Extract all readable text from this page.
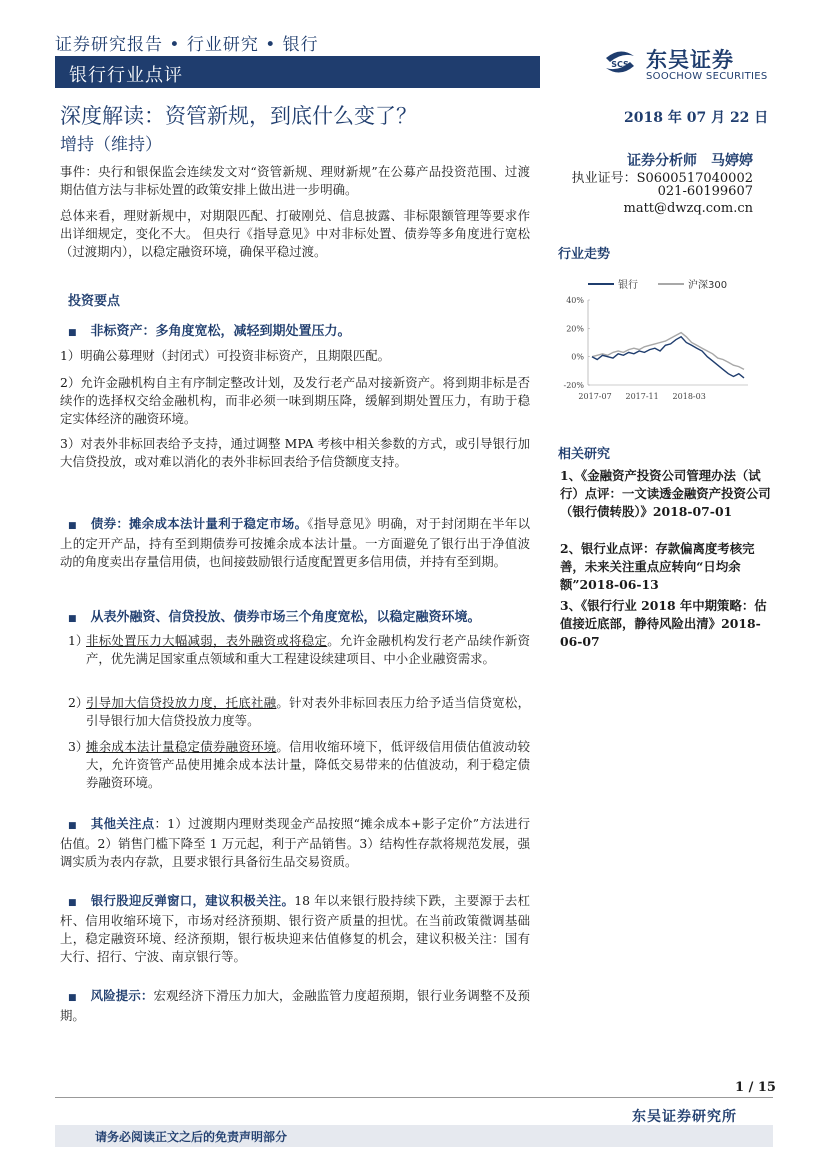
证券研究报告 • 行业研究 • 银行
银行行业点评
SCS 东吴证券
SOOCHOW SECURITIES
深度解读：资管新规，到底什么变了？
增持（维持）
2018 年 07 月 22 日
证券分析师　马婷婷
执业证号：S0600517040002
021-60199607
matt@dwzq.com.cn
事件：央行和银保监会连续发文对“资管新规、理财新规”在公募产品投资范围、过渡期估值方法与非标处置的政策安排上做出进一步明确。
总体来看，理财新规中，对期限匹配、打破刚兑、信息披露、非标限额管理等要求作出详细规定，变化不大。 但央行《指导意见》中对非标处置、债券等多角度进行宽松（过渡期内），以稳定融资环境，确保平稳过渡。
投资要点
■ 非标资产：多角度宽松，减轻到期处置压力。
1）明确公募理财（封闭式）可投资非标资产，且期限匹配。
2）允许金融机构自主有序制定整改计划，及发行老产品对接新资产。将到期非标是否续作的选择权交给金融机构，而非必须一味到期压降，缓解到期处置压力，有助于稳定实体经济的融资环境。
3）对表外非标回表给予支持，通过调整 MPA 考核中相关参数的方式，或引导银行加大信贷投放，或对难以消化的表外非标回表给予信贷额度支持。
■ 债券：摊余成本法计量利于稳定市场。《指导意见》明确，对于封闭期在半年以上的定开产品，持有至到期债券可按摊余成本法计量。一方面避免了银行出于净值波动的角度卖出存量信用债，也间接鼓励银行适度配置更多信用债，并持有至到期。
■ 从表外融资、信贷投放、债券市场三个角度宽松，以稳定融资环境。
1）
非标处置压力大幅减弱，表外融资或将稳定。允许金融机构发行老产品续作新资产，优先满足国家重点领域和重大工程建设续建项目、中小企业融资需求。
2）
引导加大信贷投放力度，托底社融。针对表外非标回表压力给予适当信贷宽松，引导银行加大信贷投放力度等。
3）
摊余成本法计量稳定债券融资环境。信用收缩环境下，低评级信用债估值波动较大，允许资管产品使用摊余成本法计量，降低交易带来的估值波动，利于稳定债券融资环境。
■ 其他关注点：1）过渡期内理财类现金产品按照“摊余成本+影子定价”方法进行估值。2）销售门槛下降至 1 万元起，利于产品销售。3）结构性存款将规范发展，强调实质为表内存款，且要求银行具备衍生品交易资质。
■ 银行股迎反弹窗口，建议积极关注。18 年以来银行股持续下跌，主要源于去杠杆、信用收缩环境下，市场对经济预期、银行资产质量的担忧。在当前政策微调基础上，稳定融资环境、经济预期，银行板块迎来估值修复的机会，建议积极关注：国有大行、招行、宁波、南京银行等。
■ 风险提示：宏观经济下滑压力加大，金融监管力度超预期，银行业务调整不及预期。
行业走势
银行	沪深300
40%
20%
0%
-20%
2017-07 2017-11 2018-03
相关研究
1、《金融资产投资公司管理办法（试行）点评：一文读透金融资产投资公司（银行债转股）》2018-07-01
2、银行业点评：存款偏离度考核完善，未来关注重点应转向“日均余额”2018-06-13
3、《银行行业 2018 年中期策略：估值接近底部，静待风险出清》2018-06-07
1 / 15
东吴证券研究所
请务必阅读正文之后的免责声明部分
